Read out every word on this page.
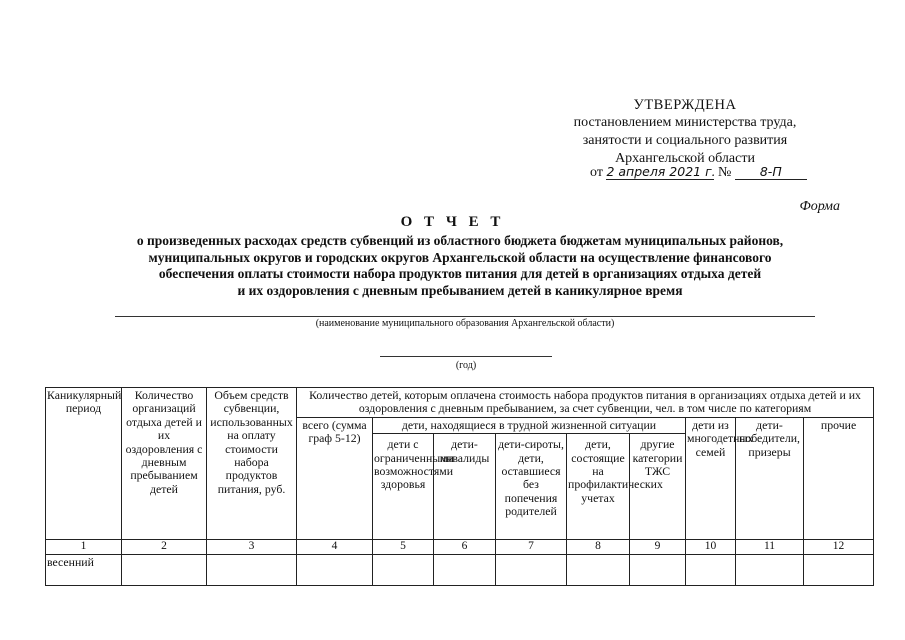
УТВЕРЖДЕНА
постановлением министерства труда,
занятости и социального развития
Архангельской области
от 2 апреля 2021 г. № 8-П
Форма
О Т Ч Е Т
о произведенных расходах средств субвенций из областного бюджета бюджетам муниципальных районов,
муниципальных округов и городских округов Архангельской области на осуществление финансового
обеспечения оплаты стоимости набора продуктов питания для детей в организациях отдыха детей
и их оздоровления с дневным пребыванием детей в каникулярное время
(наименование муниципального образования Архангельской области)
(год)
Каникулярный период	Количество организаций отдыха детей и их оздоровления с дневным пребыванием детей	Объем средств субвенции, использованных на оплату стоимости набора продуктов питания, руб.	Количество детей, которым оплачена стоимость набора продуктов питания в организациях отдыха детей и их оздоровления с дневным пребыванием, за счет субвенции, чел. в том числе по категориям								
			всего (сумма граф 5-12)	дети, находящиеся в трудной жизненной ситуации					дети из многодетных семей	дети-победители, призеры	прочие
				дети с ограниченными возможностями здоровья	дети-инвалиды	дети-сироты, дети, оставшиеся без попечения родителей	дети, состоящие на профилактических учетах	другие категории ТЖС			
1	2	3	4	5	6	7	8	9	10	11	12
весенний											
